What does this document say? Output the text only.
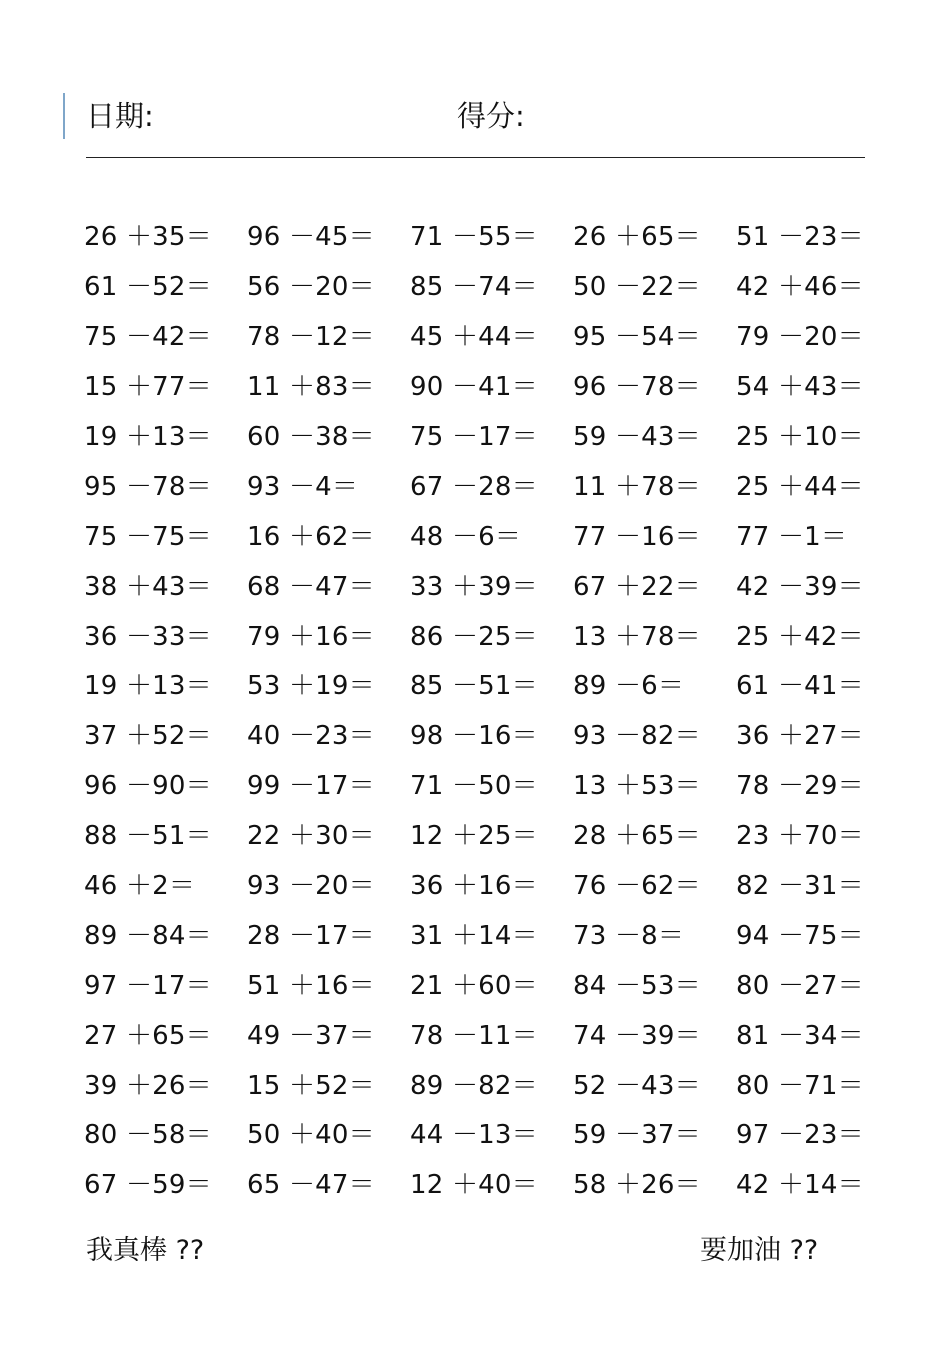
日期:	得分:
26 ＋35＝	96 －45＝	71 －55＝	26 ＋65＝	51 －23＝
61 －52＝	56 －20＝	85 －74＝	50 －22＝	42 ＋46＝
75 －42＝	78 －12＝	45 ＋44＝	95 －54＝	79 －20＝
15 ＋77＝	11 ＋83＝	90 －41＝	96 －78＝	54 ＋43＝
19 ＋13＝	60 －38＝	75 －17＝	59 －43＝	25 ＋10＝
95 －78＝	93 －4＝	67 －28＝	11 ＋78＝	25 ＋44＝
75 －75＝	16 ＋62＝	48 －6＝	77 －16＝	77 －1＝
38 ＋43＝	68 －47＝	33 ＋39＝	67 ＋22＝	42 －39＝
36 －33＝	79 ＋16＝	86 －25＝	13 ＋78＝	25 ＋42＝
19 ＋13＝	53 ＋19＝	85 －51＝	89 －6＝	61 －41＝
37 ＋52＝	40 －23＝	98 －16＝	93 －82＝	36 ＋27＝
96 －90＝	99 －17＝	71 －50＝	13 ＋53＝	78 －29＝
88 －51＝	22 ＋30＝	12 ＋25＝	28 ＋65＝	23 ＋70＝
46 ＋2＝	93 －20＝	36 ＋16＝	76 －62＝	82 －31＝
89 －84＝	28 －17＝	31 ＋14＝	73 －8＝	94 －75＝
97 －17＝	51 ＋16＝	21 ＋60＝	84 －53＝	80 －27＝
27 ＋65＝	49 －37＝	78 －11＝	74 －39＝	81 －34＝
39 ＋26＝	15 ＋52＝	89 －82＝	52 －43＝	80 －71＝
80 －58＝	50 ＋40＝	44 －13＝	59 －37＝	97 －23＝
67 －59＝	65 －47＝	12 ＋40＝	58 ＋26＝	42 ＋14＝
我真棒 ??	要加油 ??
